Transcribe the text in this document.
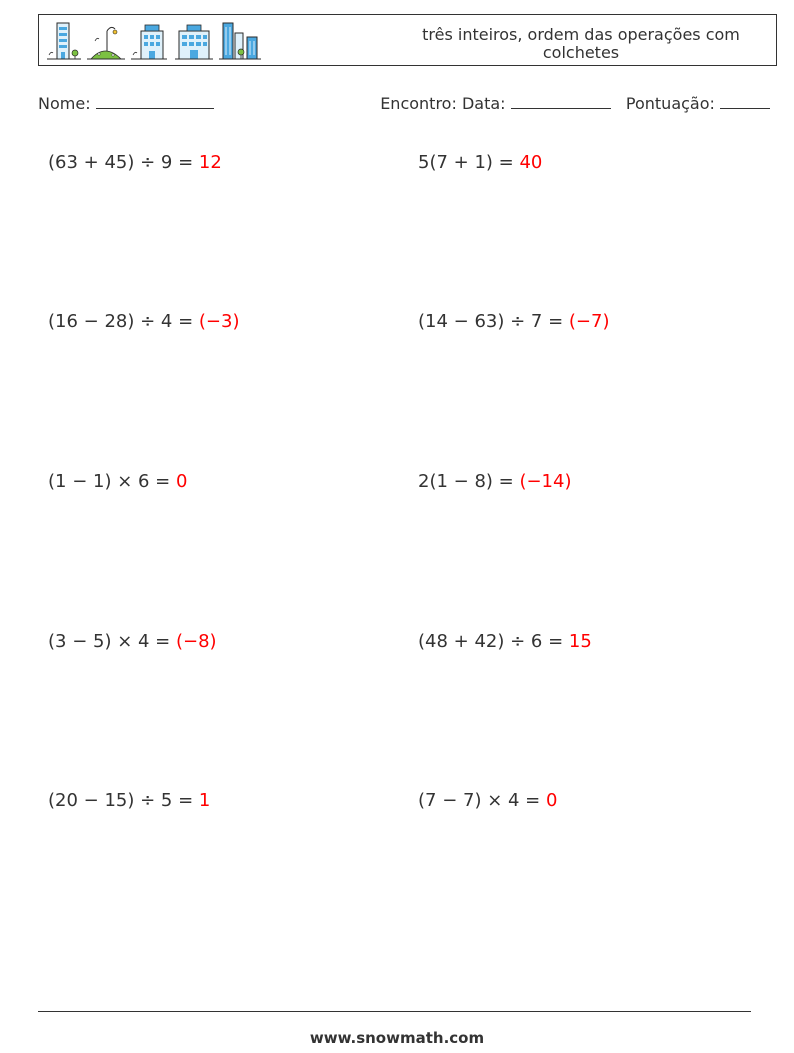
três inteiros, ordem das operações com colchetes
Nome:	Encontro: Data:	Pontuação:
(63 + 45) ÷ 9 = 12	5(7 + 1) = 40
(16 − 28) ÷ 4 = (−3)	(14 − 63) ÷ 7 = (−7)
(1 − 1) × 6 = 0	2(1 − 8) = (−14)
(3 − 5) × 4 = (−8)	(48 + 42) ÷ 6 = 15
(20 − 15) ÷ 5 = 1	(7 − 7) × 4 = 0
www.snowmath.com
